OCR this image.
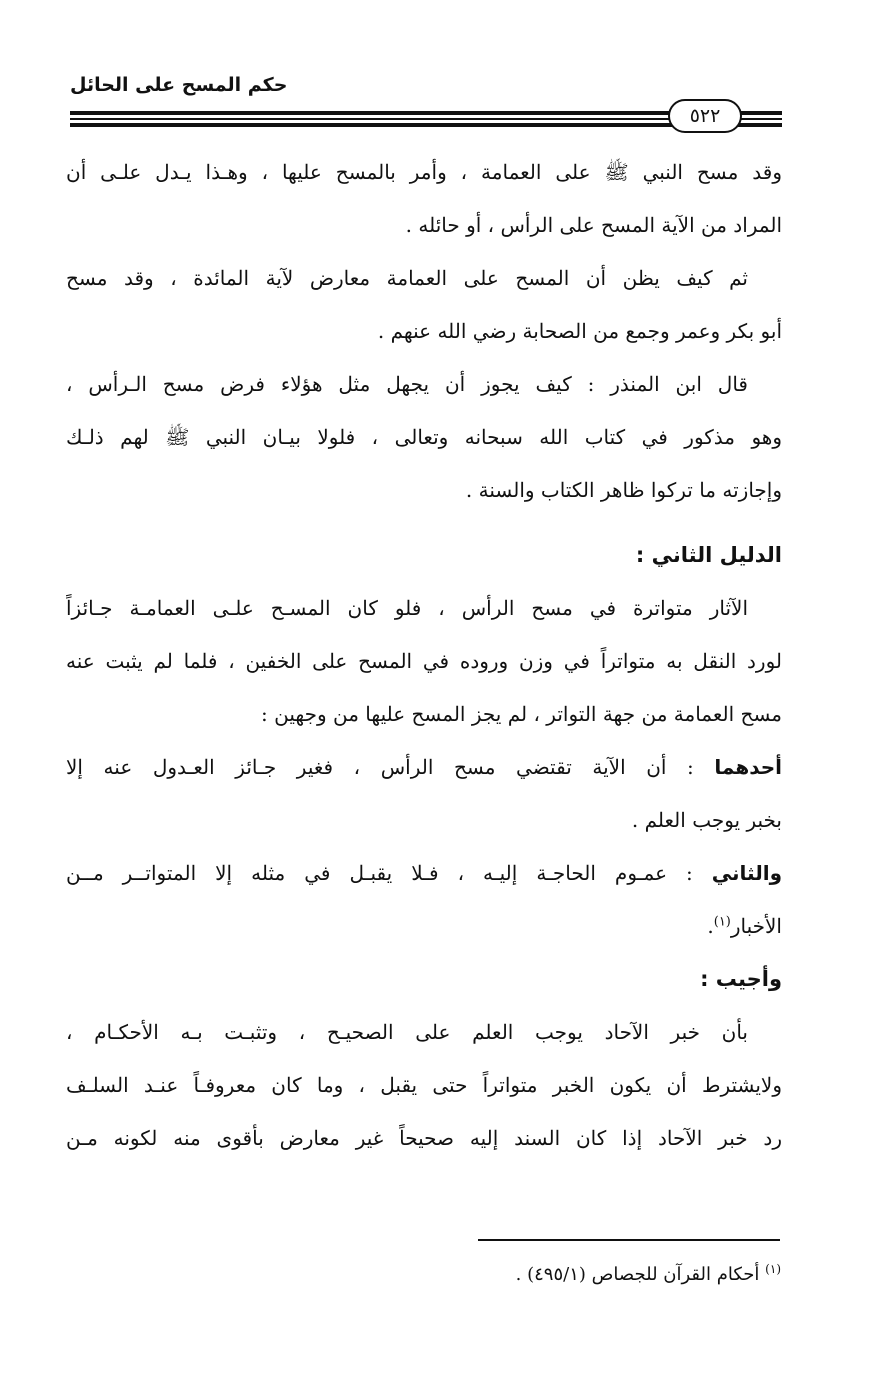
حكم المسح على الحائل
٥٢٢
وقد مسح النبي ﷺ على العمامة ، وأمر بالمسح عليها ، وهـذا يـدل علـى أن
المراد من الآية المسح على الرأس ، أو حائله .
ثم كيف يظن أن المسح على العمامة معارض لآية المائدة ، وقد مسح
أبو بكر وعمر وجمع من الصحابة رضي الله عنهم .
قال ابن المنذر : كيف يجوز أن يجهل مثل هؤلاء فرض مسح الـرأس ،
وهو مذكور في كتاب الله سبحانه وتعالى ، فلولا بيـان النبي ﷺ لهم ذلـك
وإجازته ما تركوا ظاهر الكتاب والسنة .
الدليل الثاني :
الآثار متواترة في مسح الرأس ، فلو كان المسـح علـى العمامـة جـائزاً
لورد النقل به متواتراً في وزن وروده في المسح على الخفين ، فلما لم يثبت عنه
مسح العمامة من جهة التواتر ، لم يجز المسح عليها من وجهين :
أحدهما : أن الآية تقتضي مسح الرأس ، فغير جـائز العـدول عنه إلا
بخبر يوجب العلم .
والثاني : عمـوم الحاجـة إليـه ، فـلا يقبـل في مثله إلا المتواتــر مــن
الأخبار$^{(١)}$.
وأجيب :
بأن خبر الآحاد يوجب العلم على الصحيـح ، وتثبـت بـه الأحكـام ،
ولايشترط أن يكون الخبر متواتراً حتى يقبل ، وما كان معروفـاً عنـد السلـف
رد خبر الآحاد إذا كان السند إليه صحيحاً غير معارض بأقوى منه لكونه مـن
$^{(١)}$ أحكام القرآن للجصاص (٤٩٥/١) .
